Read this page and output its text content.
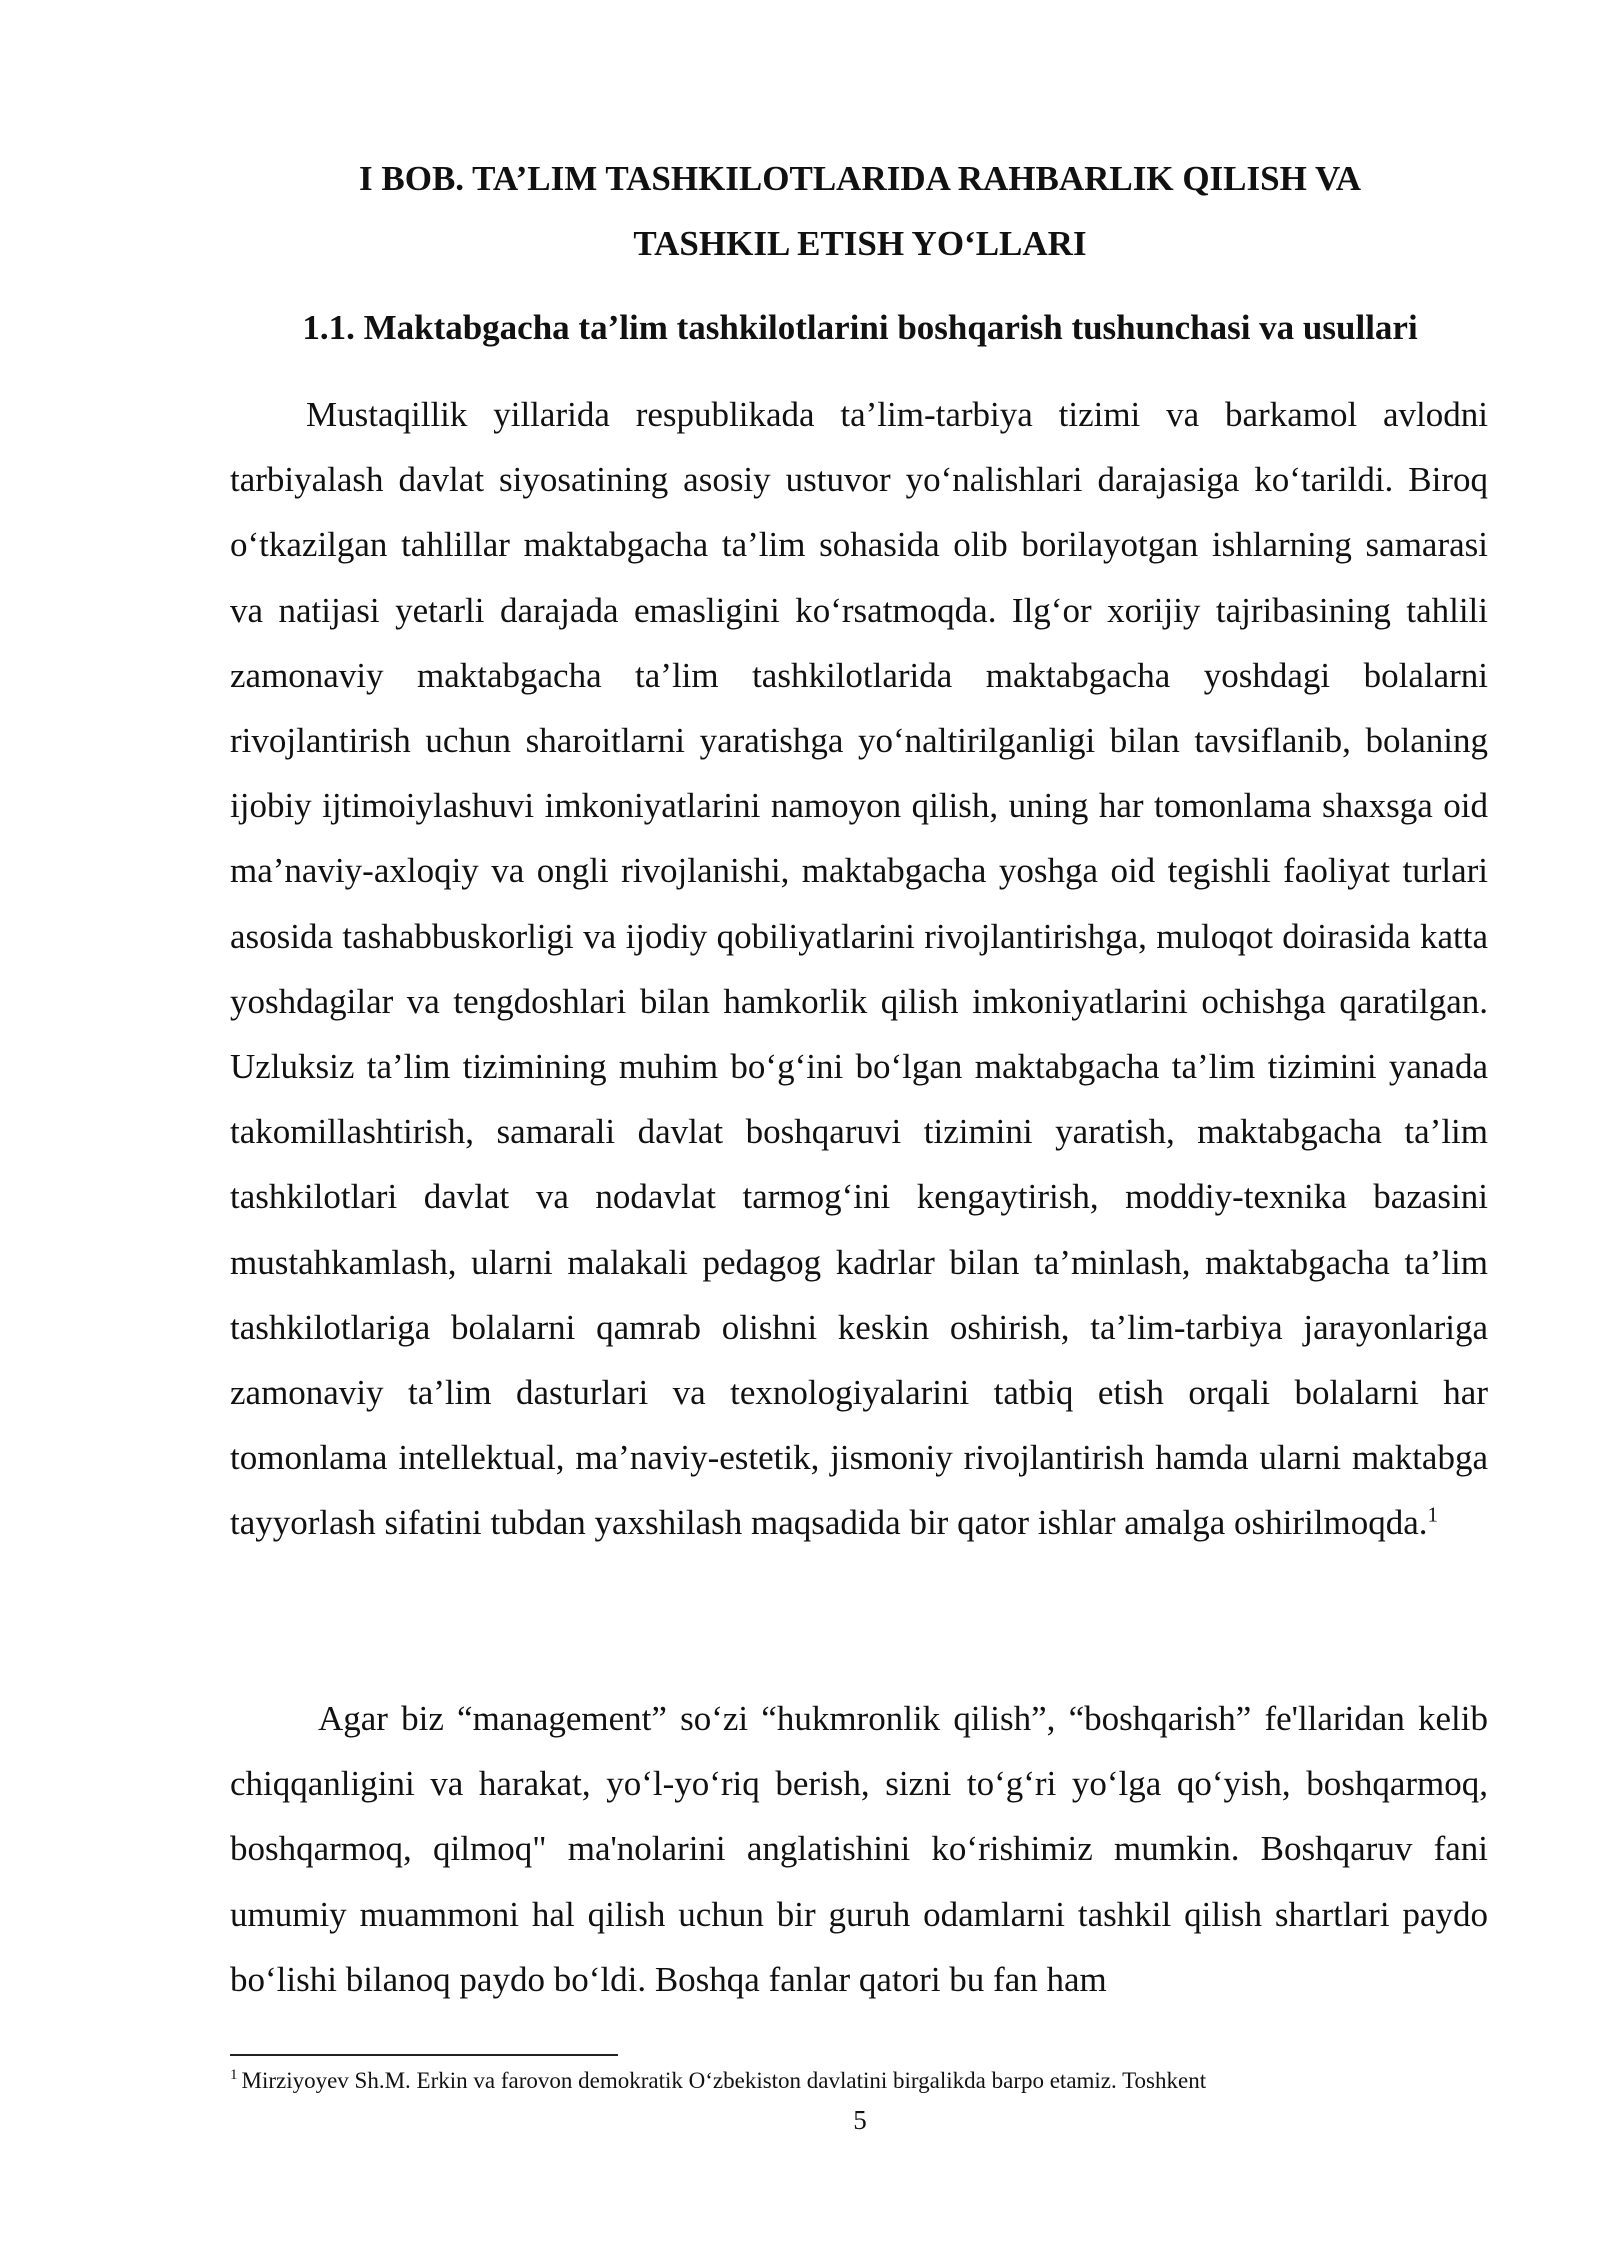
I BOB. TA’LIM TASHKILOTLARIDA RAHBARLIK QILISH VA
TASHKIL ETISH YO‘LLARI
1.1. Maktabgacha ta’lim tashkilotlarini boshqarish tushunchasi va usullari

Mustaqillik yillarida respublikada ta’lim-tarbiya tizimi va barkamol avlodni tarbiyalash davlat siyosatining asosiy ustuvor yo‘nalishlari darajasiga ko‘tarildi. Biroq o‘tkazilgan tahlillar maktabgacha ta’lim sohasida olib borilayotgan ishlarning samarasi va natijasi yetarli darajada emasligini ko‘rsatmoqda. Ilg‘or xorijiy tajribasining tahlili zamonaviy maktabgacha ta’lim tashkilotlarida maktabgacha yoshdagi bolalarni rivojlantirish uchun sharoitlarni yaratishga yo‘naltirilganligi bilan tavsiflanib, bolaning ijobiy ijtimoiylashuvi imkoniyatlarini namoyon qilish, uning har tomonlama shaxsga oid ma’naviy-axloqiy va ongli rivojlanishi, maktabgacha yoshga oid tegishli faoliyat turlari asosida tashabbuskorligi va ijodiy qobiliyatlarini rivojlantirishga, muloqot doirasida katta yoshdagilar va tengdoshlari bilan hamkorlik qilish imkoniyatlarini ochishga qaratilgan. Uzluksiz ta’lim tizimining muhim bo‘g‘ini bo‘lgan maktabgacha ta’lim tizimini yanada takomillashtirish, samarali davlat boshqaruvi tizimini yaratish, maktabgacha ta’lim tashkilotlari davlat va nodavlat tarmog‘ini kengaytirish, moddiy-texnika bazasini mustahkamlash, ularni malakali pedagog kadrlar bilan ta’minlash, maktabgacha ta’lim tashkilotlariga bolalarni qamrab olishni keskin oshirish, ta’lim-tarbiya jarayonlariga zamonaviy ta’lim dasturlari va texnologiyalarini tatbiq etish orqali bolalarni har tomonlama intellektual, ma’naviy-estetik, jismoniy rivojlantirish hamda ularni maktabga tayyorlash sifatini tubdan yaxshilash maqsadida bir qator ishlar amalga oshirilmoqda.$^1$

Agar biz “management” so‘zi “hukmronlik qilish”, “boshqarish” fe'llaridan kelib chiqqanligini va harakat, yo‘l-yo‘riq berish, sizni to‘g‘ri yo‘lga qo‘yish, boshqarmoq, boshqarmoq, qilmoq" ma'nolarini anglatishini ko‘rishimiz mumkin. Boshqaruv fani umumiy muammoni hal qilish uchun bir guruh odamlarni tashkil qilish shartlari paydo bo‘lishi bilanoq paydo bo‘ldi. Boshqa fanlar qatori bu fan ham

$^1$ Mirziyoyev Sh.M. Erkin va farovon demokratik O‘zbekiston davlatini birgalikda barpo etamiz. Toshkent

5
